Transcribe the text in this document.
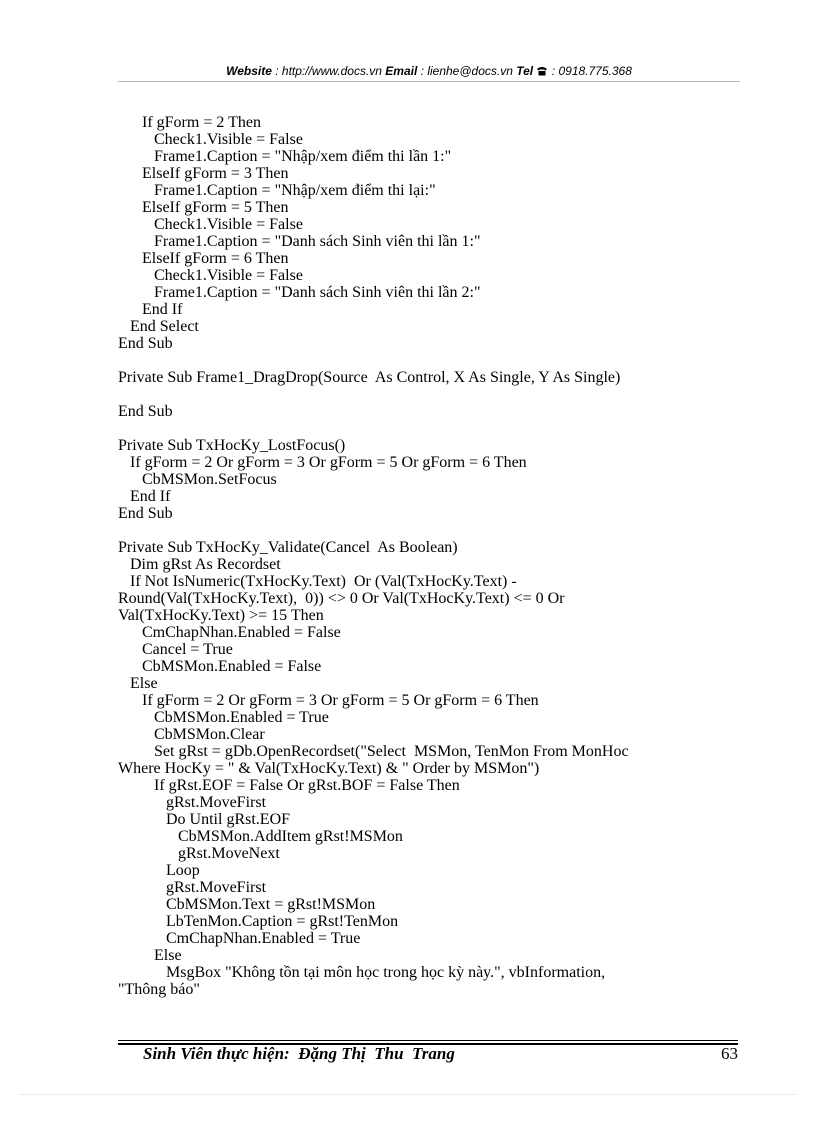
Website : http://www.docs.vn Email : lienhe@docs.vn Tel  : 0918.775.368
If gForm = 2 Then
Check1.Visible = False
Frame1.Caption = "Nhập/xem điểm thi lần 1:"
ElseIf gForm = 3 Then
Frame1.Caption = "Nhập/xem điểm thi lại:"
ElseIf gForm = 5 Then
Check1.Visible = False
Frame1.Caption = "Danh sách Sinh viên thi lần 1:"
ElseIf gForm = 6 Then
Check1.Visible = False
Frame1.Caption = "Danh sách Sinh viên thi lần 2:"
End If
End Select
End Sub
Private Sub Frame1_DragDrop(Source  As Control, X As Single, Y As Single)
End Sub
Private Sub TxHocKy_LostFocus()
If gForm = 2 Or gForm = 3 Or gForm = 5 Or gForm = 6 Then
CbMSMon.SetFocus
End If
End Sub
Private Sub TxHocKy_Validate(Cancel  As Boolean)
Dim gRst As Recordset
If Not IsNumeric(TxHocKy.Text)  Or (Val(TxHocKy.Text) -
Round(Val(TxHocKy.Text),  0)) <> 0 Or Val(TxHocKy.Text) <= 0 Or
Val(TxHocKy.Text) >= 15 Then
CmChapNhan.Enabled = False
Cancel = True
CbMSMon.Enabled = False
Else
If gForm = 2 Or gForm = 3 Or gForm = 5 Or gForm = 6 Then
CbMSMon.Enabled = True
CbMSMon.Clear
Set gRst = gDb.OpenRecordset("Select  MSMon, TenMon From MonHoc
Where HocKy = " & Val(TxHocKy.Text) & " Order by MSMon")
If gRst.EOF = False Or gRst.BOF = False Then
gRst.MoveFirst
Do Until gRst.EOF
CbMSMon.AddItem gRst!MSMon
gRst.MoveNext
Loop
gRst.MoveFirst
CbMSMon.Text = gRst!MSMon
LbTenMon.Caption = gRst!TenMon
CmChapNhan.Enabled = True
Else
MsgBox "Không tồn tại môn học trong học kỳ này.", vbInformation,
"Thông báo"
Sinh Viên thực hiện:  Đặng Thị  Thu  Trang	63
